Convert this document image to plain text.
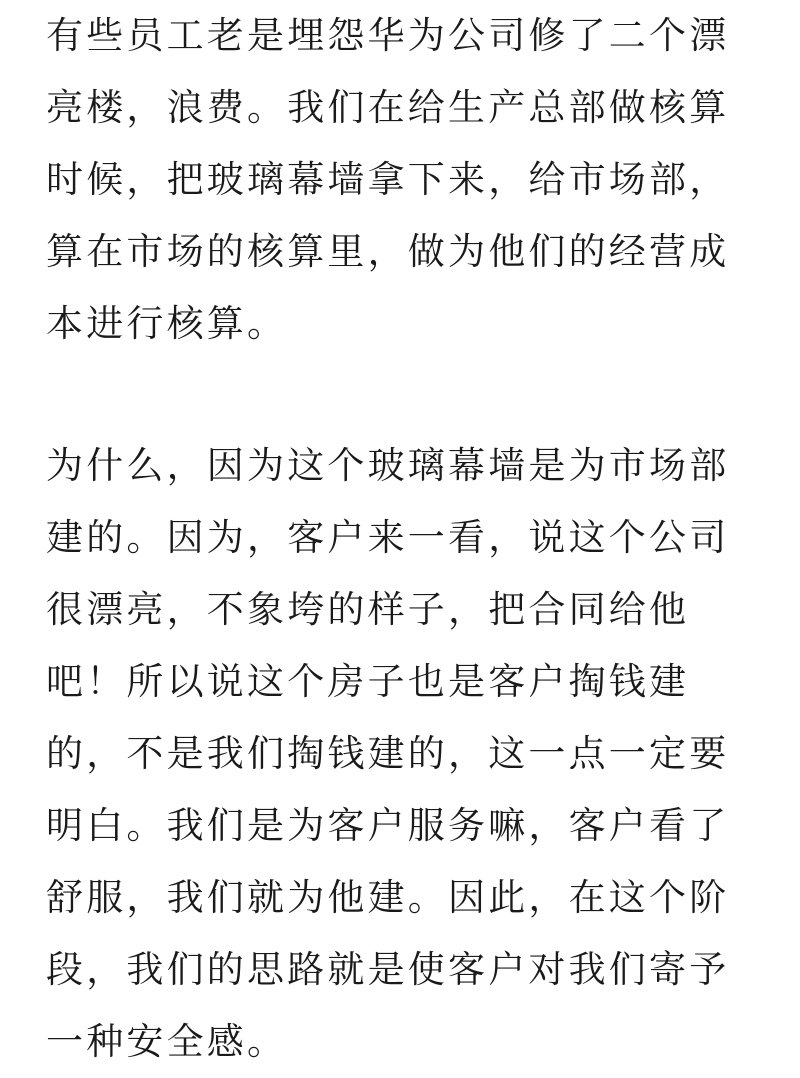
有些员工老是埋怨华为公司修了二个漂
亮楼，浪费。我们在给生产总部做核算
时候，把玻璃幕墙拿下来，给市场部，
算在市场的核算里，做为他们的经营成
本进行核算。
为什么，因为这个玻璃幕墙是为市场部
建的。因为，客户来一看，说这个公司
很漂亮，不象垮的样子，把合同给他
吧！所以说这个房子也是客户掏钱建
的，不是我们掏钱建的，这一点一定要
明白。我们是为客户服务嘛，客户看了
舒服，我们就为他建。因此，在这个阶
段，我们的思路就是使客户对我们寄予
一种安全感。
